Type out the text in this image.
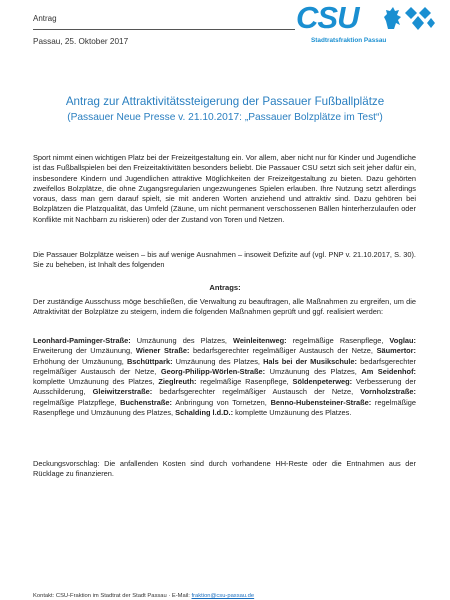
Antrag
Passau, 25. Oktober 2017
CSU
Stadtratsfraktion Passau
Antrag zur Attraktivitätssteigerung der Passauer Fußballplätze
(Passauer Neue Presse v. 21.10.2017: „Passauer Bolzplätze im Test“)
Sport nimmt einen wichtigen Platz bei der Freizeitgestaltung ein. Vor allem, aber nicht nur für Kinder und Jugendliche ist das Fußballspielen bei den Freizeitaktivitäten besonders beliebt. Die Passauer CSU setzt sich seit jeher dafür ein, insbesondere Kindern und Jugendlichen attraktive Möglichkeiten der Freizeitgestaltung zu bieten. Dazu gehörten zweifellos Bolzplätze, die ohne Zugangsregularien ungezwungenes Spielen erlauben. Ihre Nutzung setzt allerdings voraus, dass man gern darauf spielt, sie mit anderen Worten anziehend und attraktiv sind. Dazu gehören bei Bolzplätzen die Platzqualität, das Umfeld (Zäune, um nicht permanent verschossenen Bällen hinterherzulaufen oder Konflikte mit Nachbarn zu riskieren) oder der Zustand von Toren und Netzen.
Die Passauer Bolzplätze weisen – bis auf wenige Ausnahmen – insoweit Defizite auf (vgl. PNP v. 21.10.2017, S. 30). Sie zu beheben, ist Inhalt des folgenden
Antrags:
Der zuständige Ausschuss möge beschließen, die Verwaltung zu beauftragen, alle Maßnahmen zu ergreifen, um die Attraktivität der Bolzplätze zu steigern, indem die folgenden Maßnahmen geprüft und ggf. realisiert werden:
Leonhard-Paminger-Straße: Umzäunung des Platzes, Weinleitenweg: regelmäßige Rasenpflege, Voglau: Erweiterung der Umzäunung, Wiener Straße: bedarfsgerechter regelmäßiger Austausch der Netze, Säumertor: Erhöhung der Umzäunung, Bschüttpark: Umzäunung des Platzes, Hals bei der Musikschule: bedarfsgerechter regelmäßiger Austausch der Netze, Georg-Philipp-Wörlen-Straße: Umzäunung des Platzes, Am Seidenhof: komplette Umzäunung des Platzes, Zieglreuth: regelmäßige Rasenpflege, Söldenpeterweg: Verbesserung der Ausschilderung, Gleiwitzerstraße: bedarfsgerechter regelmäßiger Austausch der Netze, Vornholzstraße: regelmäßige Platzpflege, Buchenstraße: Anbringung von Tornetzen, Benno-Hubensteiner-Straße: regelmäßige Rasenpflege und Umzäunung des Platzes, Schalding l.d.D.: komplette Umzäunung des Platzes.
Deckungsvorschlag: Die anfallenden Kosten sind durch vorhandene HH-Reste oder die Entnahmen aus der Rücklage zu finanzieren.
Kontakt: CSU-Fraktion im Stadtrat der Stadt Passau · E-Mail: fraktion@csu-passau.de
